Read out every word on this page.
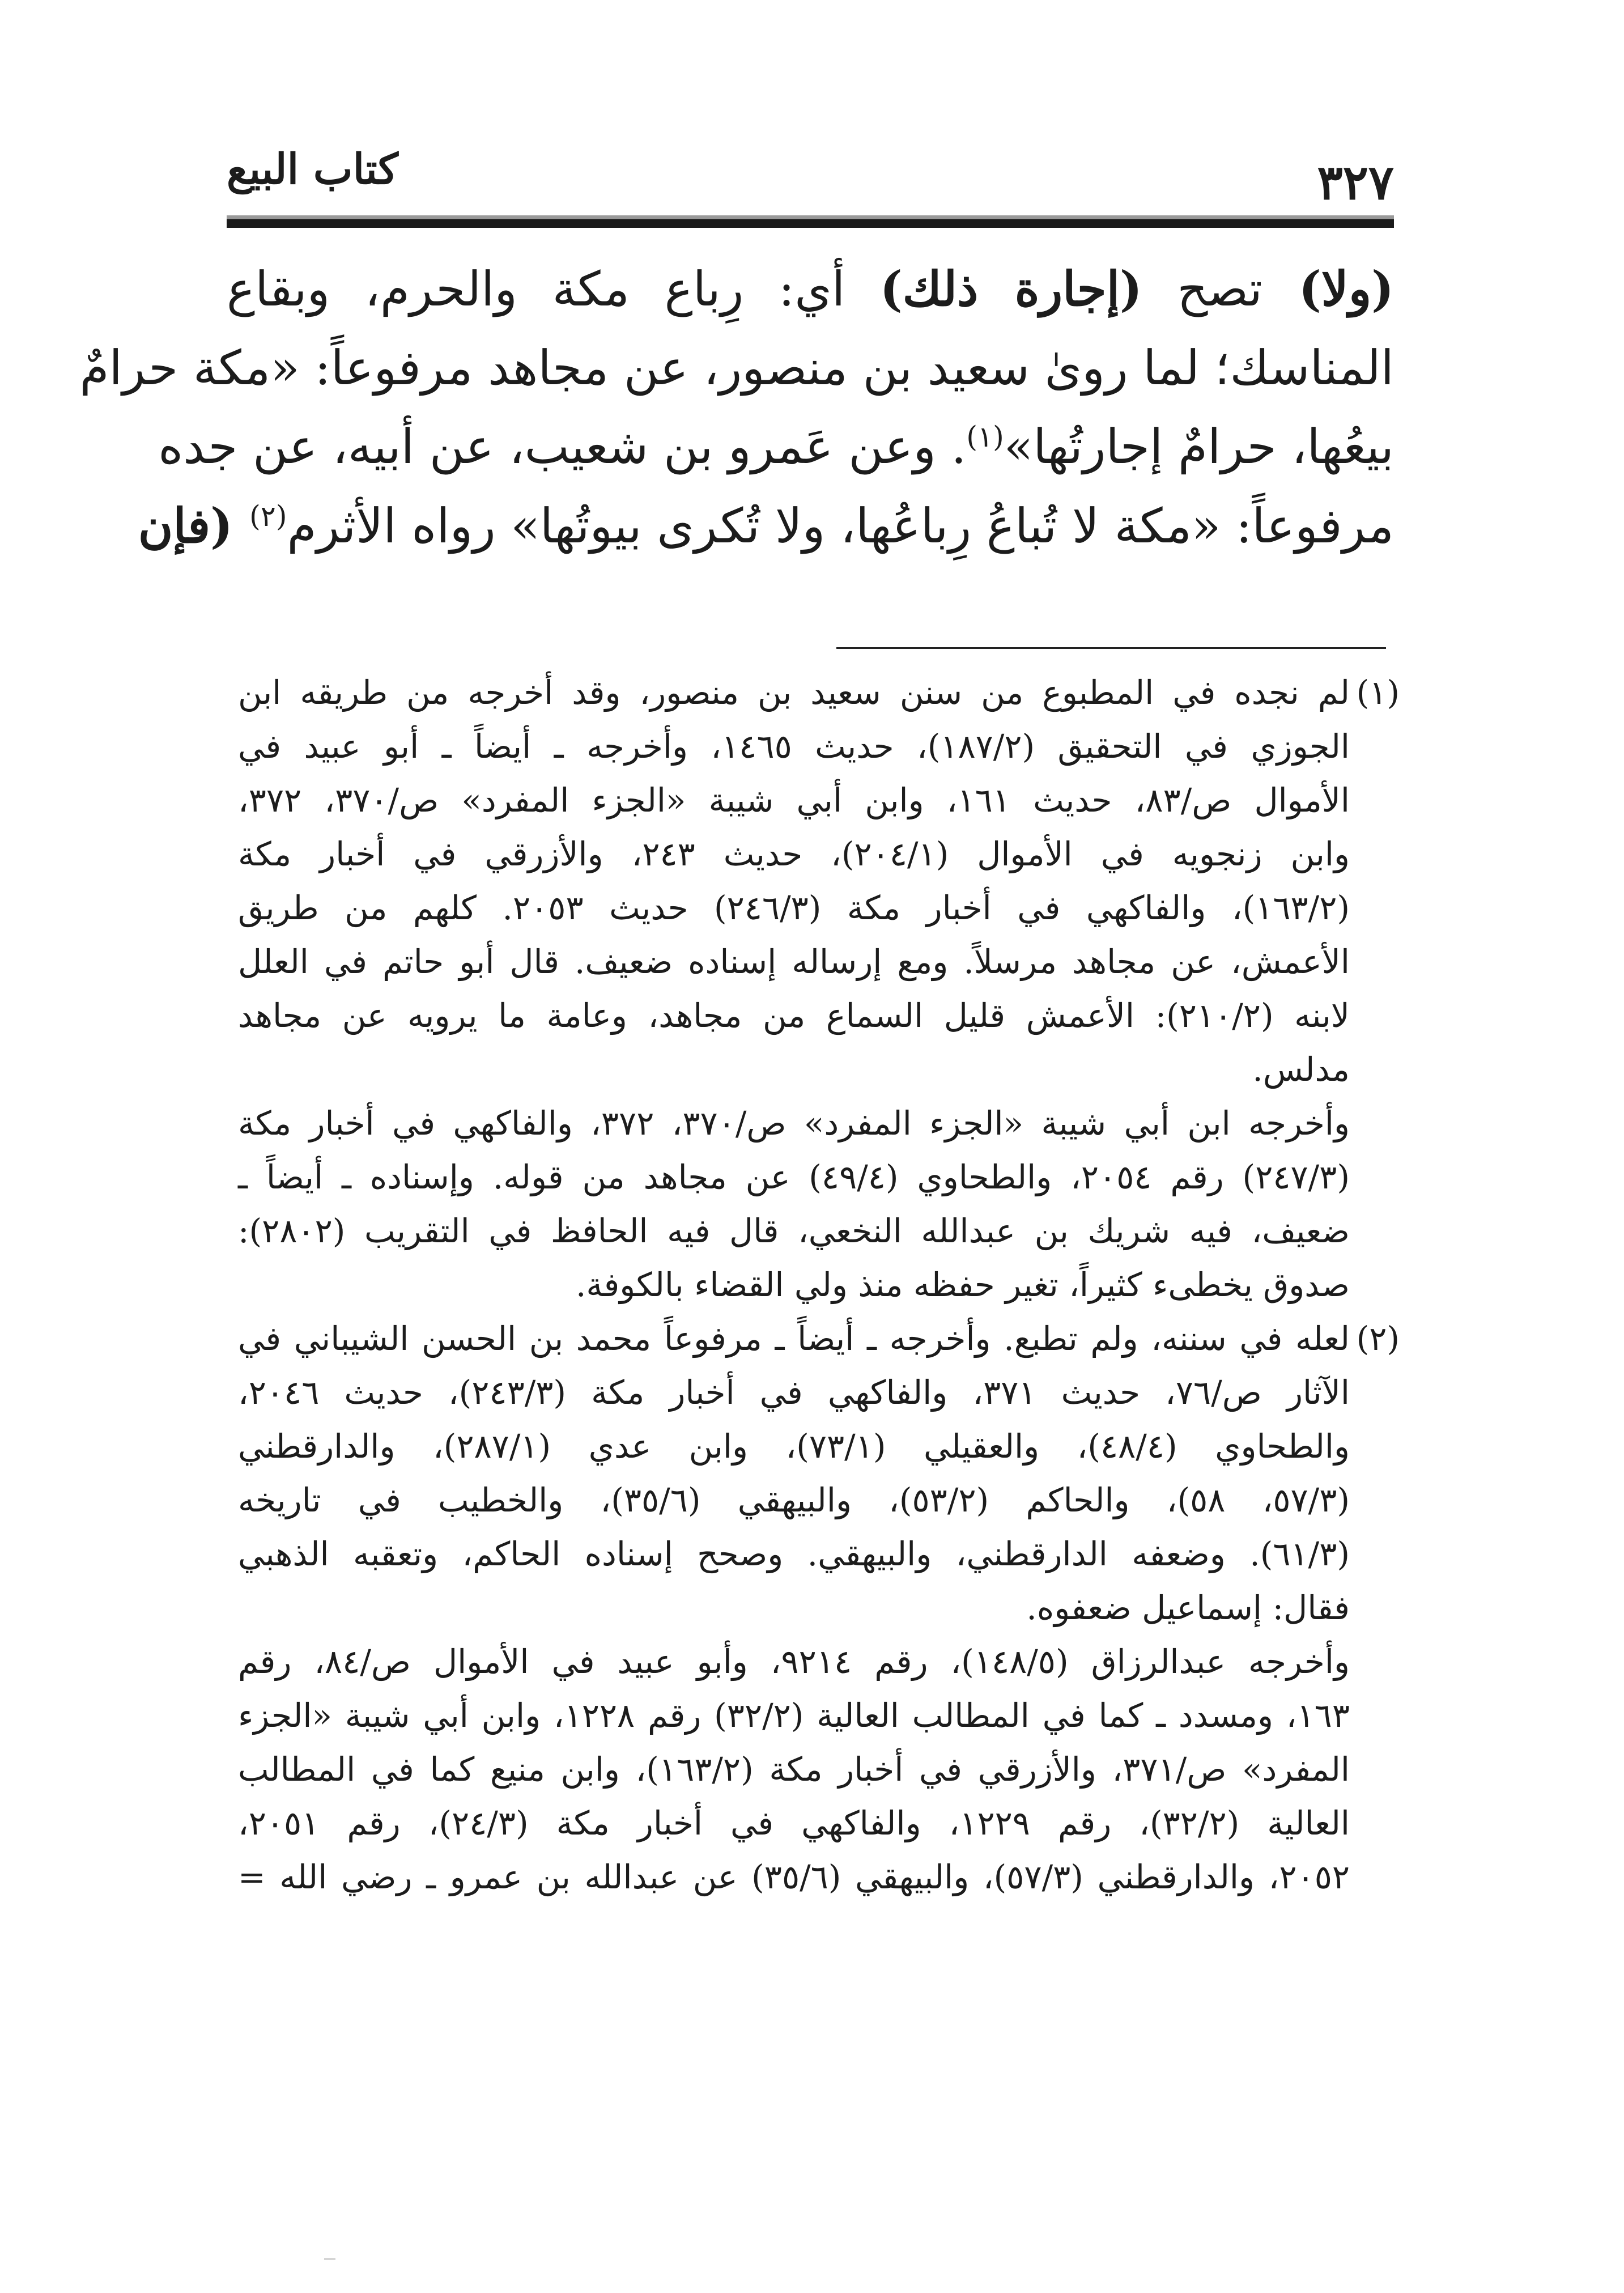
٣٢٧
كتاب البيع
(ولا) تصح (إجارة ذلك) أي: رِباع مكة والحرم، وبقاع
المناسك؛ لما روىٰ سعيد بن منصور، عن مجاهد مرفوعاً: «مكة حرامٌ
بيعُها، حرامٌ إجارتُها»$^{(١)}$. وعن عَمرو بن شعيب، عن أبيه، عن جده
مرفوعاً: «مكة لا تُباعُ رِباعُها، ولا تُكرى بيوتُها» رواه الأثرم$^{(٢)}$ (فإن
(١)لم نجده في المطبوع من سنن سعيد بن منصور، وقد أخرجه من طريقه ابن
الجوزي في التحقيق (١٨٧/٢)، حديث ١٤٦٥، وأخرجه ـ أيضاً ـ أبو عبيد في
الأموال ص/٨٣، حديث ١٦١، وابن أبي شيبة «الجزء المفرد» ص/٣٧٠، ٣٧٢،
وابن زنجويه في الأموال (٢٠٤/١)، حديث ٢٤٣، والأزرقي في أخبار مكة
(١٦٣/٢)، والفاكهي في أخبار مكة (٢٤٦/٣) حديث ٢٠٥٣. كلهم من طريق
الأعمش، عن مجاهد مرسلاً. ومع إرساله إسناده ضعيف. قال أبو حاتم في العلل
لابنه (٢١٠/٢): الأعمش قليل السماع من مجاهد، وعامة ما يرويه عن مجاهد
مدلس.
وأخرجه ابن أبي شيبة «الجزء المفرد» ص/٣٧٠، ٣٧٢، والفاكهي في أخبار مكة
(٢٤٧/٣) رقم ٢٠٥٤، والطحاوي (٤٩/٤) عن مجاهد من قوله. وإسناده ـ أيضاً ـ
ضعيف، فيه شريك بن عبدالله النخعي، قال فيه الحافظ في التقريب (٢٨٠٢):
صدوق يخطىء كثيراً، تغير حفظه منذ ولي القضاء بالكوفة.
(٢)لعله في سننه، ولم تطبع. وأخرجه ـ أيضاً ـ مرفوعاً محمد بن الحسن الشيباني في
الآثار ص/٧٦، حديث ٣٧١، والفاكهي في أخبار مكة (٢٤٣/٣)، حديث ٢٠٤٦،
والطحاوي (٤٨/٤)، والعقيلي (٧٣/١)، وابن عدي (٢٨٧/١)، والدارقطني
(٥٧/٣، ٥٨)، والحاكم (٥٣/٢)، والبيهقي (٣٥/٦)، والخطيب في تاريخه
(٦١/٣). وضعفه الدارقطني، والبيهقي. وصحح إسناده الحاكم، وتعقبه الذهبي
فقال: إسماعيل ضعفوه.
وأخرجه عبدالرزاق (١٤٨/٥)، رقم ٩٢١٤، وأبو عبيد في الأموال ص/٨٤، رقم
١٦٣، ومسدد ـ كما في المطالب العالية (٣٢/٢) رقم ١٢٢٨، وابن أبي شيبة «الجزء
المفرد» ص/٣٧١، والأزرقي في أخبار مكة (١٦٣/٢)، وابن منيع كما في المطالب
العالية (٣٢/٢)، رقم ١٢٢٩، والفاكهي في أخبار مكة (٢٤/٣)، رقم ٢٠٥١،
٢٠٥٢، والدارقطني (٥٧/٣)، والبيهقي (٣٥/٦) عن عبدالله بن عمرو ـ رضي الله =
